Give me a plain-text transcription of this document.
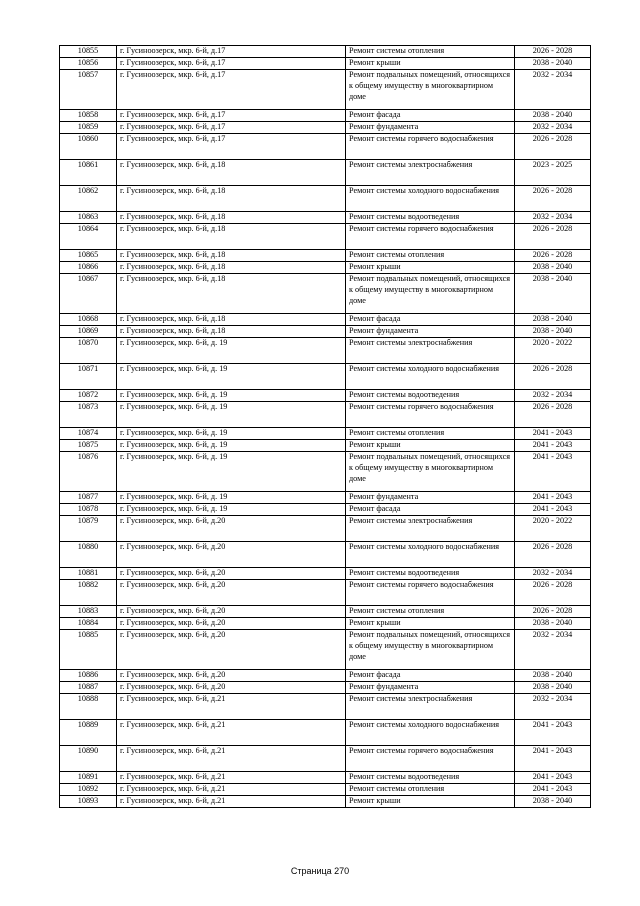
10855	г. Гусиноозерск, мкр. 6-й, д.17	Ремонт системы отопления	2026 - 2028
10856	г. Гусиноозерск, мкр. 6-й, д.17	Ремонт крыши	2038 - 2040
10857	г. Гусиноозерск, мкр. 6-й, д.17	Ремонт подвальных помещений, относящихся к общему имуществу в многоквартирном доме	2032 - 2034
10858	г. Гусиноозерск, мкр. 6-й, д.17	Ремонт фасада	2038 - 2040
10859	г. Гусиноозерск, мкр. 6-й, д.17	Ремонт фундамента	2032 - 2034
10860	г. Гусиноозерск, мкр. 6-й, д.17	Ремонт системы горячего водоснабжения	2026 - 2028
10861	г. Гусиноозерск, мкр. 6-й, д.18	Ремонт системы электроснабжения	2023 - 2025
10862	г. Гусиноозерск, мкр. 6-й, д.18	Ремонт системы холодного водоснабжения	2026 - 2028
10863	г. Гусиноозерск, мкр. 6-й, д.18	Ремонт системы водоотведения	2032 - 2034
10864	г. Гусиноозерск, мкр. 6-й, д.18	Ремонт системы горячего водоснабжения	2026 - 2028
10865	г. Гусиноозерск, мкр. 6-й, д.18	Ремонт системы отопления	2026 - 2028
10866	г. Гусиноозерск, мкр. 6-й, д.18	Ремонт крыши	2038 - 2040
10867	г. Гусиноозерск, мкр. 6-й, д.18	Ремонт подвальных помещений, относящихся к общему имуществу в многоквартирном доме	2038 - 2040
10868	г. Гусиноозерск, мкр. 6-й, д.18	Ремонт фасада	2038 - 2040
10869	г. Гусиноозерск, мкр. 6-й, д.18	Ремонт фундамента	2038 - 2040
10870	г. Гусиноозерск, мкр. 6-й, д. 19	Ремонт системы электроснабжения	2020 - 2022
10871	г. Гусиноозерск, мкр. 6-й, д. 19	Ремонт системы холодного водоснабжения	2026 - 2028
10872	г. Гусиноозерск, мкр. 6-й, д. 19	Ремонт системы водоотведения	2032 - 2034
10873	г. Гусиноозерск, мкр. 6-й, д. 19	Ремонт системы горячего водоснабжения	2026 - 2028
10874	г. Гусиноозерск, мкр. 6-й, д. 19	Ремонт системы отопления	2041 - 2043
10875	г. Гусиноозерск, мкр. 6-й, д. 19	Ремонт крыши	2041 - 2043
10876	г. Гусиноозерск, мкр. 6-й, д. 19	Ремонт подвальных помещений, относящихся к общему имуществу в многоквартирном доме	2041 - 2043
10877	г. Гусиноозерск, мкр. 6-й, д. 19	Ремонт фундамента	2041 - 2043
10878	г. Гусиноозерск, мкр. 6-й, д. 19	Ремонт фасада	2041 - 2043
10879	г. Гусиноозерск, мкр. 6-й, д.20	Ремонт системы электроснабжения	2020 - 2022
10880	г. Гусиноозерск, мкр. 6-й, д.20	Ремонт системы холодного водоснабжения	2026 - 2028
10881	г. Гусиноозерск, мкр. 6-й, д.20	Ремонт системы водоотведения	2032 - 2034
10882	г. Гусиноозерск, мкр. 6-й, д.20	Ремонт системы горячего водоснабжения	2026 - 2028
10883	г. Гусиноозерск, мкр. 6-й, д.20	Ремонт системы отопления	2026 - 2028
10884	г. Гусиноозерск, мкр. 6-й, д.20	Ремонт крыши	2038 - 2040
10885	г. Гусиноозерск, мкр. 6-й, д.20	Ремонт подвальных помещений, относящихся к общему имуществу в многоквартирном доме	2032 - 2034
10886	г. Гусиноозерск, мкр. 6-й, д.20	Ремонт фасада	2038 - 2040
10887	г. Гусиноозерск, мкр. 6-й, д.20	Ремонт фундамента	2038 - 2040
10888	г. Гусиноозерск, мкр. 6-й, д.21	Ремонт системы электроснабжения	2032 - 2034
10889	г. Гусиноозерск, мкр. 6-й, д.21	Ремонт системы холодного водоснабжения	2041 - 2043
10890	г. Гусиноозерск, мкр. 6-й, д.21	Ремонт системы горячего водоснабжения	2041 - 2043
10891	г. Гусиноозерск, мкр. 6-й, д.21	Ремонт системы водоотведения	2041 - 2043
10892	г. Гусиноозерск, мкр. 6-й, д.21	Ремонт системы отопления	2041 - 2043
10893	г. Гусиноозерск, мкр. 6-й, д.21	Ремонт крыши	2038 - 2040
Страница 270
